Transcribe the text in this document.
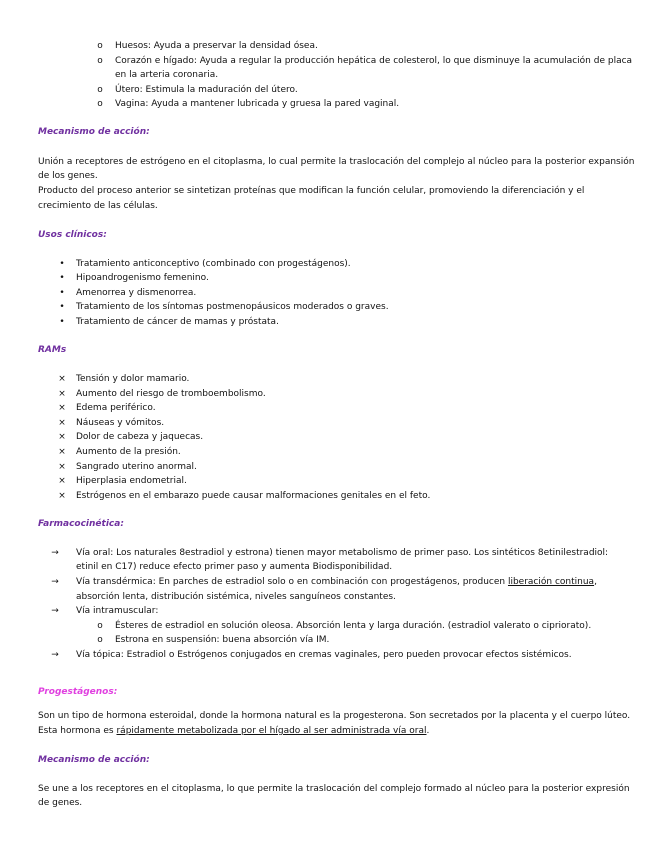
o Huesos: Ayuda a preservar la densidad ósea.
o Corazón e hígado: Ayuda a regular la producción hepática de colesterol, lo que disminuye la acumulación de placa
en la arteria coronaria.
o Útero: Estimula la maduración del útero.
o Vagina: Ayuda a mantener lubricada y gruesa la pared vaginal.
Mecanismo de acción:
Unión a receptores de estrógeno en el citoplasma, lo cual permite la traslocación del complejo al núcleo para la posterior expansión
de los genes.
Producto del proceso anterior se sintetizan proteínas que modifican la función celular, promoviendo la diferenciación y el
crecimiento de las células.
Usos clínicos:
• Tratamiento anticonceptivo (combinado con progestágenos).
• Hipoandrogenismo femenino.
• Amenorrea y dismenorrea.
• Tratamiento de los síntomas postmenopáusicos moderados o graves.
• Tratamiento de cáncer de mamas y próstata.
RAMs
× Tensión y dolor mamario.
× Aumento del riesgo de tromboembolismo.
× Edema periférico.
× Náuseas y vómitos.
× Dolor de cabeza y jaquecas.
× Aumento de la presión.
× Sangrado uterino anormal.
× Hiperplasia endometrial.
× Estrógenos en el embarazo puede causar malformaciones genitales en el feto.
Farmacocinética:
→ Vía oral: Los naturales 8estradiol y estrona) tienen mayor metabolismo de primer paso. Los sintéticos 8etinilestradiol:
etinil en C17) reduce efecto primer paso y aumenta Biodisponibilidad.
→ Vía transdérmica: En parches de estradiol solo o en combinación con progestágenos, producen liberación continua,
absorción lenta, distribución sistémica, niveles sanguíneos constantes.
→ Vía intramuscular:
o Ésteres de estradiol en solución oleosa. Absorción lenta y larga duración. (estradiol valerato o cipriorato).
o Estrona en suspensión: buena absorción vía IM.
→ Vía tópica: Estradiol o Estrógenos conjugados en cremas vaginales, pero pueden provocar efectos sistémicos.
Progestágenos:
Son un tipo de hormona esteroidal, donde la hormona natural es la progesterona. Son secretados por la placenta y el cuerpo lúteo.
Esta hormona es rápidamente metabolizada por el hígado al ser administrada vía oral.
Mecanismo de acción:
Se une a los receptores en el citoplasma, lo que permite la traslocación del complejo formado al núcleo para la posterior expresión
de genes.
